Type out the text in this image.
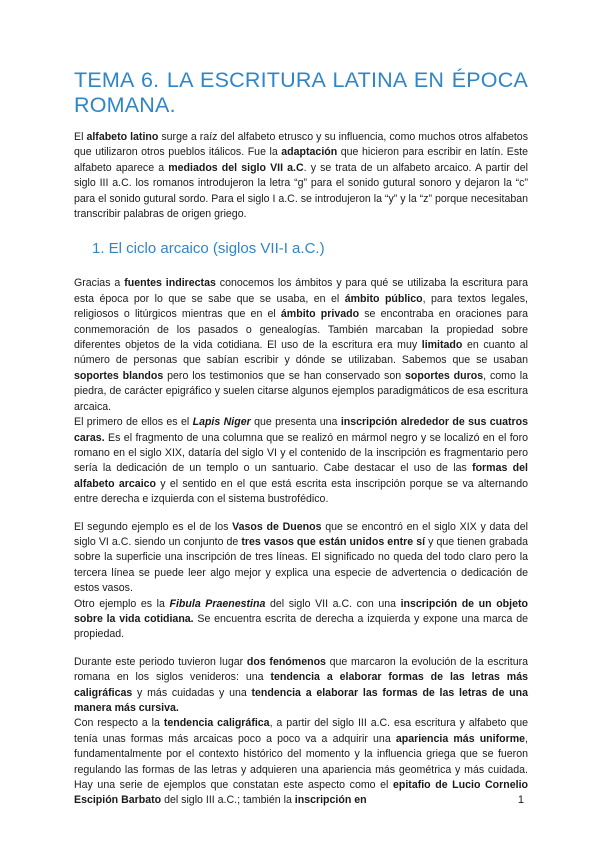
TEMA 6. LA ESCRITURA LATINA EN ÉPOCA ROMANA.

El alfabeto latino surge a raíz del alfabeto etrusco y su influencia, como muchos otros alfabetos que utilizaron otros pueblos itálicos. Fue la adaptación que hicieron para escribir en latín. Este alfabeto aparece a mediados del siglo VII a.C. y se trata de un alfabeto arcaico. A partir del siglo III a.C. los romanos introdujeron la letra “g” para el sonido gutural sonoro y dejaron la “c” para el sonido gutural sordo. Para el siglo I a.C. se introdujeron la “y” y la “z” porque necesitaban transcribir palabras de origen griego.

1. El ciclo arcaico (siglos VII-I a.C.)

Gracias a fuentes indirectas conocemos los ámbitos y para qué se utilizaba la escritura para esta época por lo que se sabe que se usaba, en el ámbito público, para textos legales, religiosos o litúrgicos mientras que en el ámbito privado se encontraba en oraciones para conmemoración de los pasados o genealogías. También marcaban la propiedad sobre diferentes objetos de la vida cotidiana. El uso de la escritura era muy limitado en cuanto al número de personas que sabían escribir y dónde se utilizaban. Sabemos que se usaban soportes blandos pero los testimonios que se han conservado son soportes duros, como la piedra, de carácter epigráfico y suelen citarse algunos ejemplos paradigmáticos de esa escritura arcaica.

El primero de ellos es el Lapis Niger que presenta una inscripción alrededor de sus cuatros caras. Es el fragmento de una columna que se realizó en mármol negro y se localizó en el foro romano en el siglo XIX, dataría del siglo VI y el contenido de la inscripción es fragmentario pero sería la dedicación de un templo o un santuario. Cabe destacar el uso de las formas del alfabeto arcaico y el sentido en el que está escrita esta inscripción porque se va alternando entre derecha e izquierda con el sistema bustrofédico.

El segundo ejemplo es el de los Vasos de Duenos que se encontró en el siglo XIX y data del siglo VI a.C. siendo un conjunto de tres vasos que están unidos entre sí y que tienen grabada sobre la superficie una inscripción de tres líneas. El significado no queda del todo claro pero la tercera línea se puede leer algo mejor y explica una especie de advertencia o dedicación de estos vasos.

Otro ejemplo es la Fibula Praenestina del siglo VII a.C. con una inscripción de un objeto sobre la vida cotidiana. Se encuentra escrita de derecha a izquierda y expone una marca de propiedad.

Durante este periodo tuvieron lugar dos fenómenos que marcaron la evolución de la escritura romana en los siglos venideros: una tendencia a elaborar formas de las letras más caligráficas y más cuidadas y una tendencia a elaborar las formas de las letras de una manera más cursiva.

Con respecto a la tendencia caligráfica, a partir del siglo III a.C. esa escritura y alfabeto que tenía unas formas más arcaicas poco a poco va a adquirir una apariencia más uniforme, fundamentalmente por el contexto histórico del momento y la influencia griega que se fueron regulando las formas de las letras y adquieren una apariencia más geométrica y más cuidada. Hay una serie de ejemplos que constatan este aspecto como el epitafio de Lucio Cornelio Escipión Barbato del siglo III a.C.; también la inscripción en	1
